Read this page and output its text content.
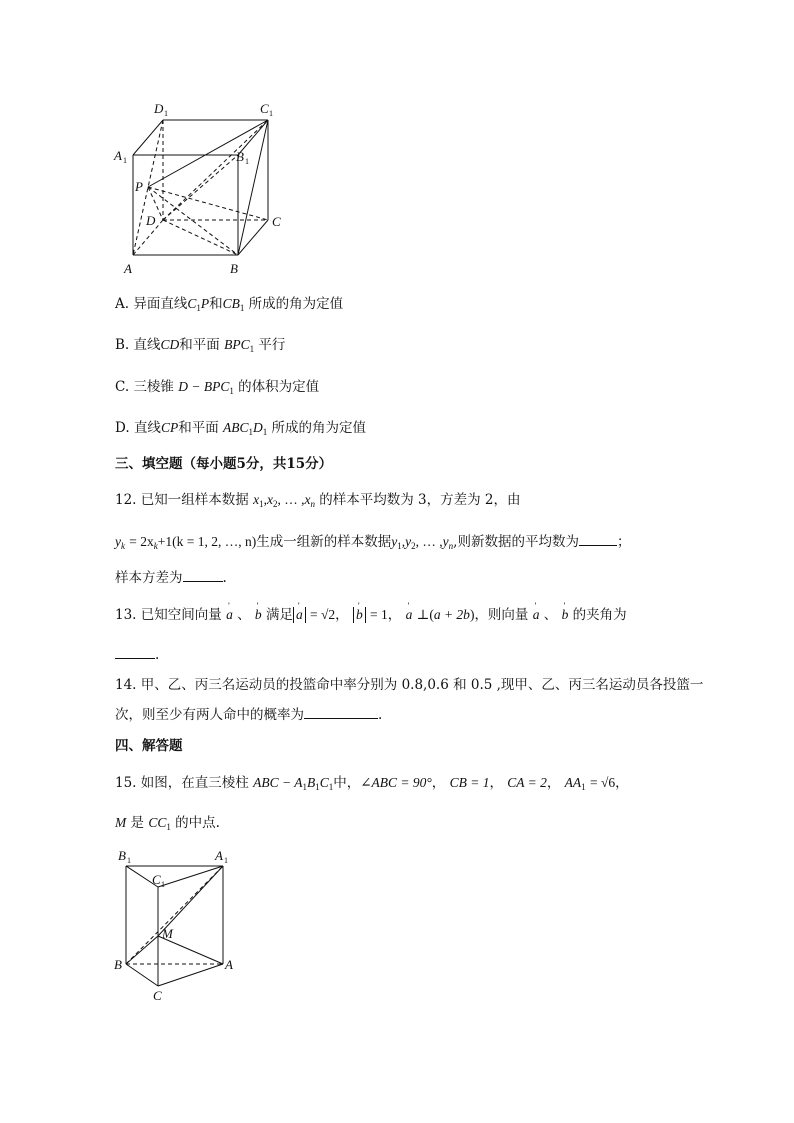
D 1	C 1
A 1	B 1
P
D	C
A	B
A. 异面直线$C_1P$和$CB_1$ 所成的角为定值
B. 直线CD和平面 $BPC_1$ 平行
C. 三棱锥 $D - BPC_1$ 的体积为定值
D. 直线CP和平面 $ABC_1D_1$ 所成的角为定值
三、填空题（每小题5分，共15分）
12. 已知一组样本数据 $x_1,x_2$, … $,x_n$ 的样本平均数为 3，方差为 2，由
$y_k = 2x_k+1(k = 1$, 2, …, n)生成一组新的样本数据$y_1,y_2$, … $,y_n$,则新数据的平均数为	；
样本方差为	.
13. 已知空间向量 ' a 、 ' b 满足 ' a = √2， ' b = 1， ' a ⊥(a + 2b)，则向量 ' a 、 ' b 的夹角为
.
14. 甲、乙、丙三名运动员的投篮命中率分别为 0.8,0.6 和 0.5 ,现甲、乙、丙三名运动员各投篮一
次，则至少有两人命中的概率为	.
四、解答题
15. 如图，在直三棱柱 ABC − $A_1B_1C_1$中，∠ABC = 90°， CB = 1， CA = 2， $AA_1 = √6$，
M 是 $CC_1$ 的中点.
B 1	A 1
C 1
M
B	A
C
